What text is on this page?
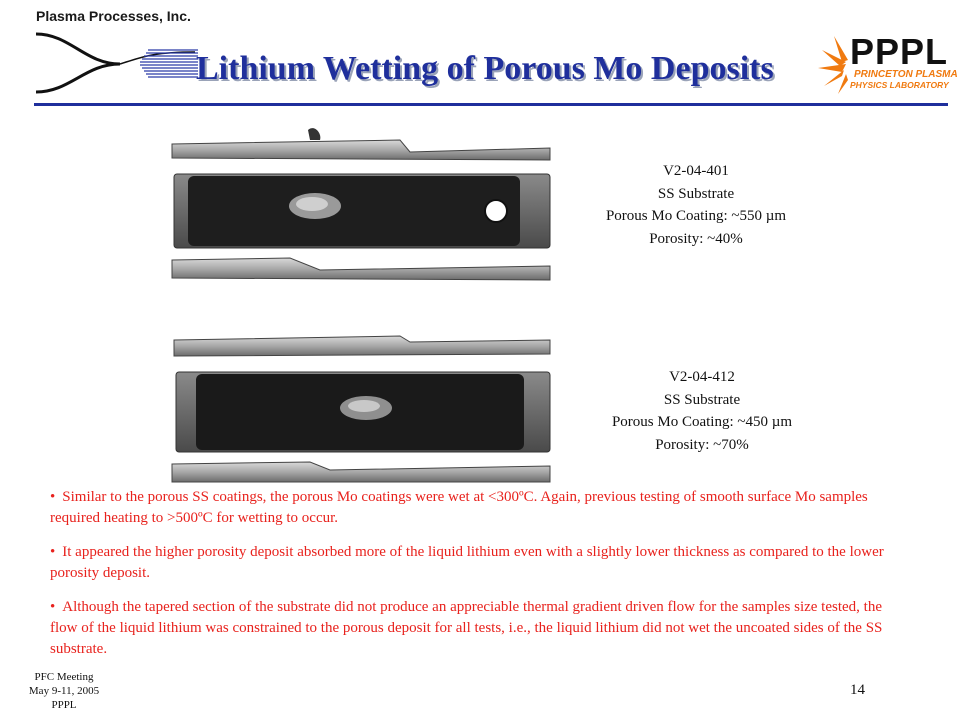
Plasma Processes, Inc.
Lithium Wetting of Porous Mo Deposits PPPL
PRINCETON PLASMA
PHYSICS LABORATORY
V2-04-401
SS Substrate
Porous Mo Coating: ~550 µm
Porosity: ~40%
V2-04-412
SS Substrate
Porous Mo Coating: ~450 µm
Porosity: ~70%
• Similar to the porous SS coatings, the porous Mo coatings were wet at <300ºC. Again, previous testing of smooth surface Mo samples required heating to >500ºC for wetting to occur.
• It appeared the higher porosity deposit absorbed more of the liquid lithium even with a slightly lower thickness as compared to the lower porosity deposit.
• Although the tapered section of the substrate did not produce an appreciable thermal gradient driven flow for the samples size tested, the flow of the liquid lithium was constrained to the porous deposit for all tests, i.e., the liquid lithium did not wet the uncoated sides of the SS substrate.
PFC Meeting
May 9-11, 2005
PPPL
14
